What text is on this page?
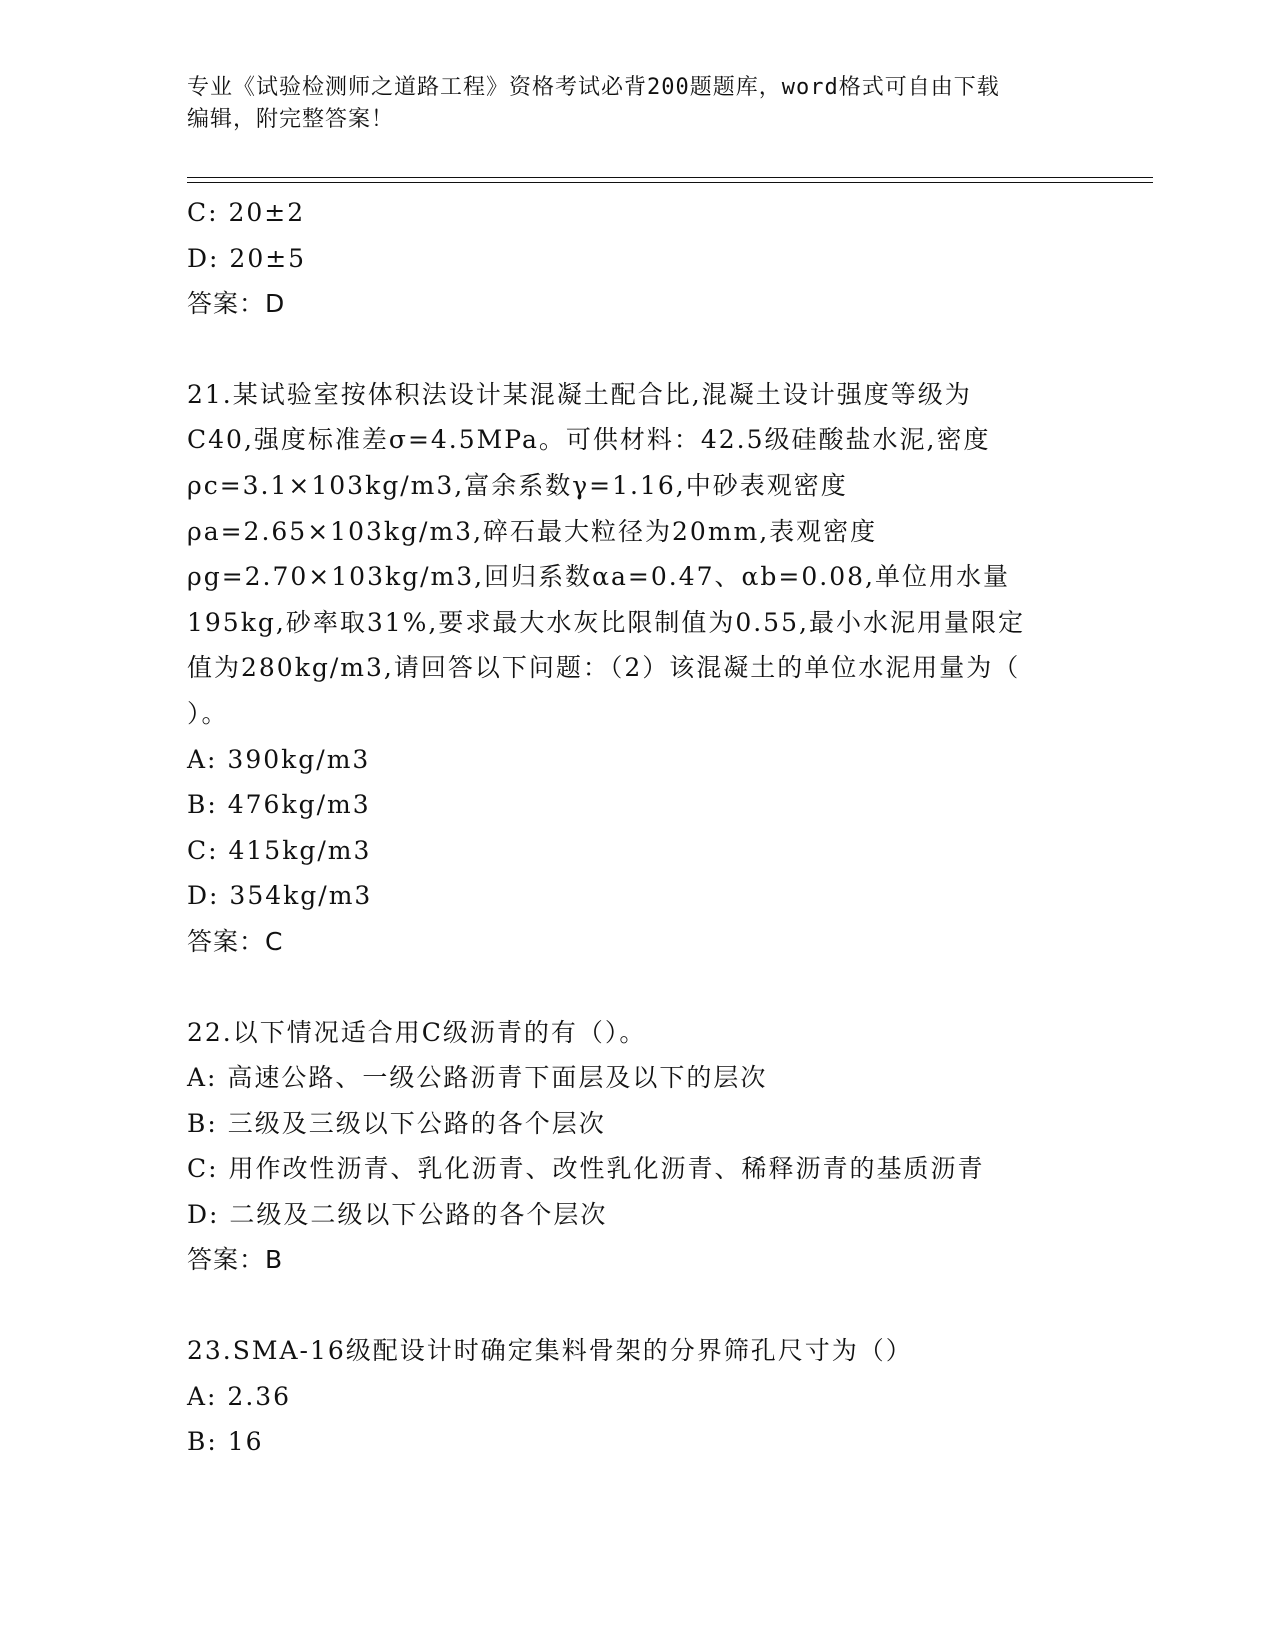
专业《试验检测师之道路工程》资格考试必背200题题库，word格式可自由下载
编辑，附完整答案！
C: 20±2
D: 20±5
答案：D
21.某试验室按体积法设计某混凝土配合比,混凝土设计强度等级为
C40,强度标准差σ=4.5MPa。可供材料：42.5级硅酸盐水泥,密度
ρc=3.1×103kg/m3,富余系数γ=1.16,中砂表观密度
ρa=2.65×103kg/m3,碎石最大粒径为20mm,表观密度
ρg=2.70×103kg/m3,回归系数αa=0.47、αb=0.08,单位用水量
195kg,砂率取31%,要求最大水灰比限制值为0.55,最小水泥用量限定
值为280kg/m3,请回答以下问题：（2）该混凝土的单位水泥用量为（
）。
A: 390kg/m3
B: 476kg/m3
C: 415kg/m3
D: 354kg/m3
答案：C
22.以下情况适合用C级沥青的有（）。
A: 高速公路、一级公路沥青下面层及以下的层次
B: 三级及三级以下公路的各个层次
C: 用作改性沥青、乳化沥青、改性乳化沥青、稀释沥青的基质沥青
D: 二级及二级以下公路的各个层次
答案：B
23.SMA-16级配设计时确定集料骨架的分界筛孔尺寸为（）
A: 2.36
B: 16
